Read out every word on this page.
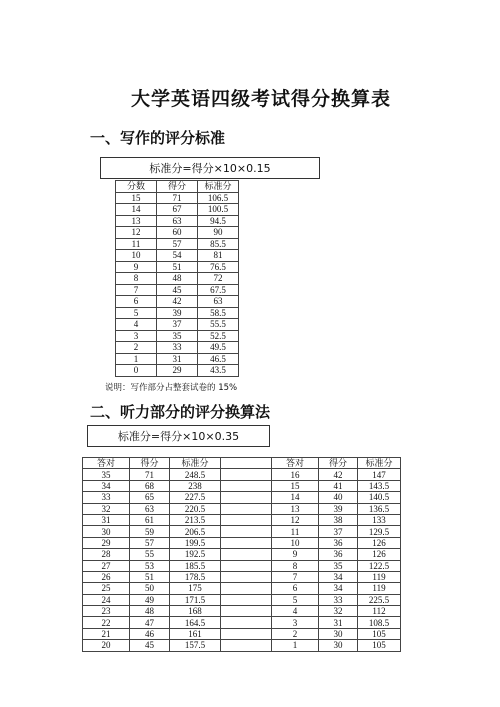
大学英语四级考试得分换算表
一、写作的评分标准
标准分=得分×10×0.15
分数	得分	标准分
15	71	106.5
14	67	100.5
13	63	94.5
12	60	90
11	57	85.5
10	54	81
9	51	76.5
8	48	72
7	45	67.5
6	42	63
5	39	58.5
4	37	55.5
3	35	52.5
2	33	49.5
1	31	46.5
0	29	43.5
说明：写作部分占整套试卷的 15%
二、听力部分的评分换算法
标准分=得分×10×0.35
答对	得分	标准分		答对	得分	标准分
35	71	248.5		16	42	147
34	68	238		15	41	143.5
33	65	227.5		14	40	140.5
32	63	220.5		13	39	136.5
31	61	213.5		12	38	133
30	59	206.5		11	37	129.5
29	57	199.5		10	36	126
28	55	192.5		9	36	126
27	53	185.5		8	35	122.5
26	51	178.5		7	34	119
25	50	175		6	34	119
24	49	171.5		5	33	225.5
23	48	168		4	32	112
22	47	164.5		3	31	108.5
21	46	161		2	30	105
20	45	157.5		1	30	105
